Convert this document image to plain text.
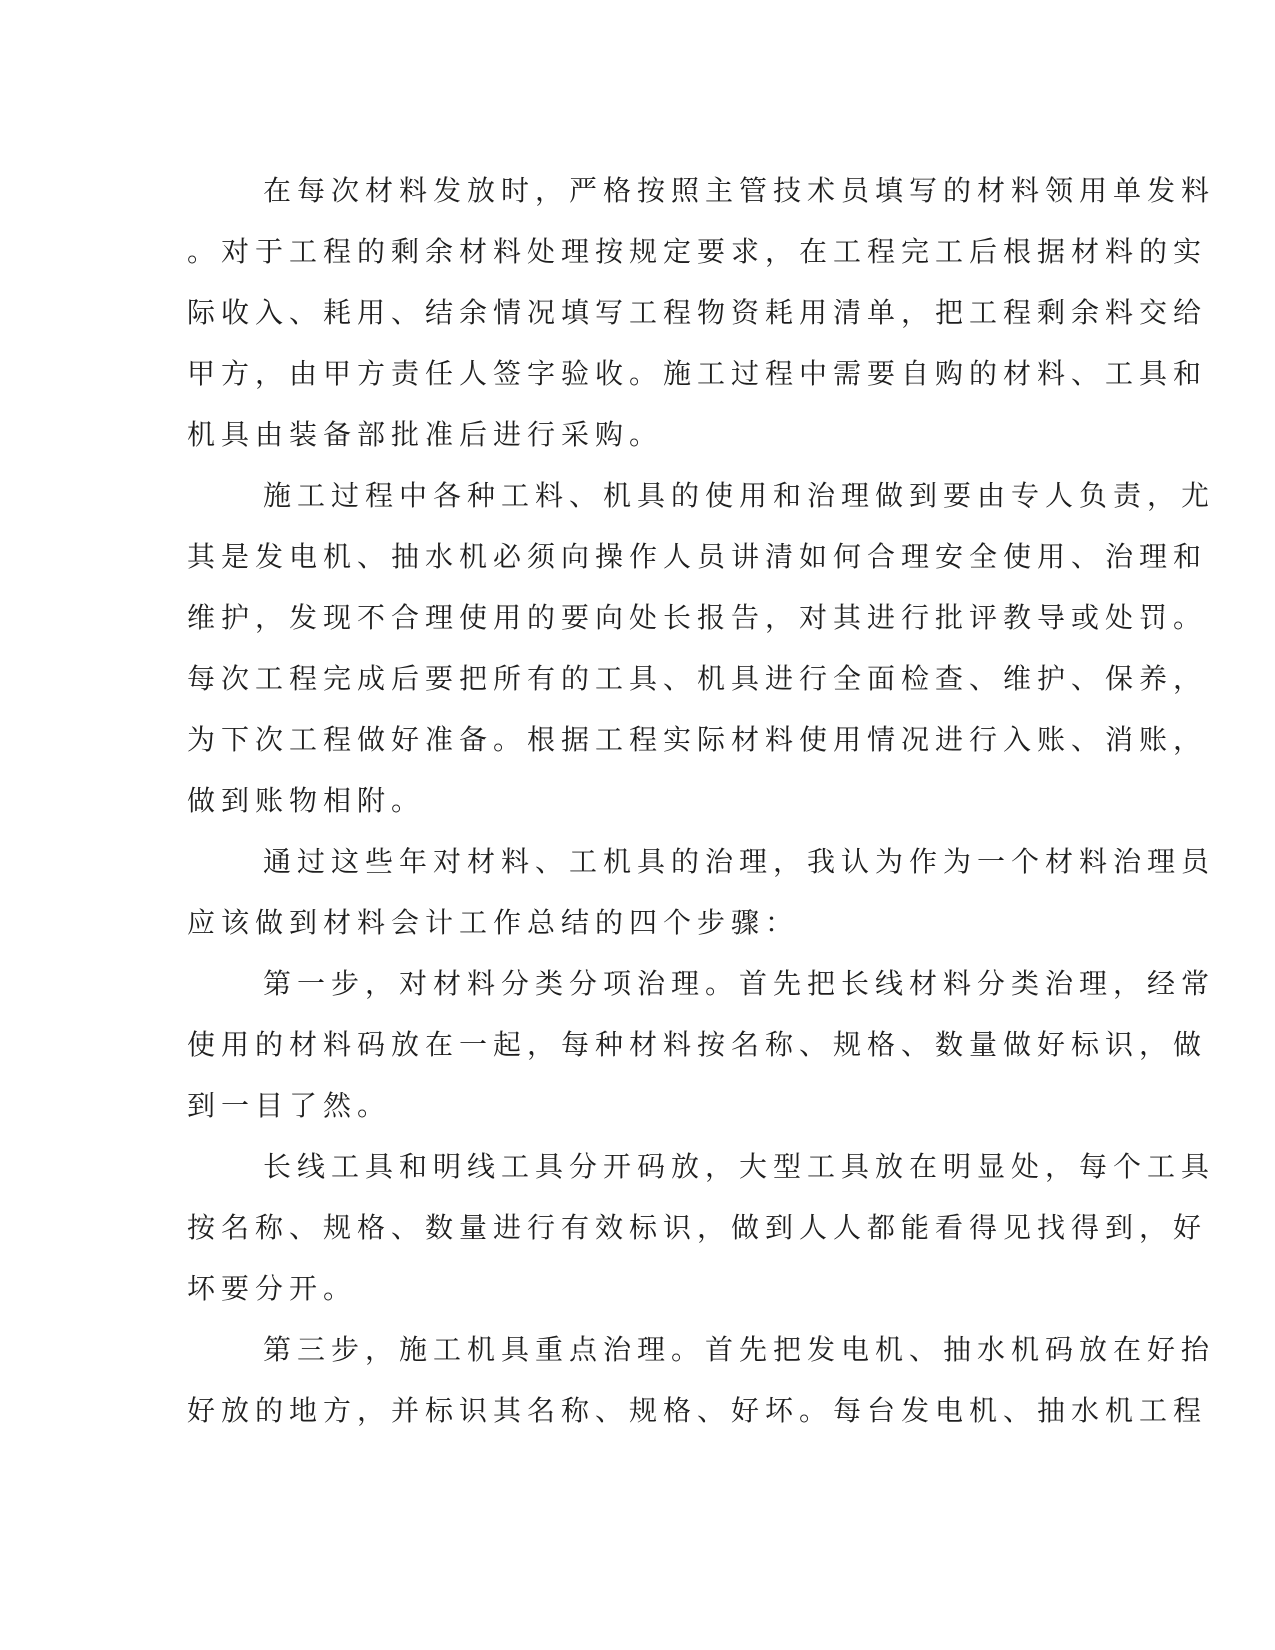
在每次材料发放时，严格按照主管技术员填写的材料领用单发料
。对于工程的剩余材料处理按规定要求，在工程完工后根据材料的实
际收入、耗用、结余情况填写工程物资耗用清单，把工程剩余料交给
甲方，由甲方责任人签字验收。施工过程中需要自购的材料、工具和
机具由装备部批准后进行采购。
施工过程中各种工料、机具的使用和治理做到要由专人负责，尤
其是发电机、抽水机必须向操作人员讲清如何合理安全使用、治理和
维护，发现不合理使用的要向处长报告，对其进行批评教导或处罚。
每次工程完成后要把所有的工具、机具进行全面检查、维护、保养，
为下次工程做好准备。根据工程实际材料使用情况进行入账、消账，
做到账物相附。
通过这些年对材料、工机具的治理，我认为作为一个材料治理员
应该做到材料会计工作总结的四个步骤：
第一步，对材料分类分项治理。首先把长线材料分类治理，经常
使用的材料码放在一起，每种材料按名称、规格、数量做好标识，做
到一目了然。
长线工具和明线工具分开码放，大型工具放在明显处，每个工具
按名称、规格、数量进行有效标识，做到人人都能看得见找得到，好
坏要分开。
第三步，施工机具重点治理。首先把发电机、抽水机码放在好抬
好放的地方，并标识其名称、规格、好坏。每台发电机、抽水机工程
